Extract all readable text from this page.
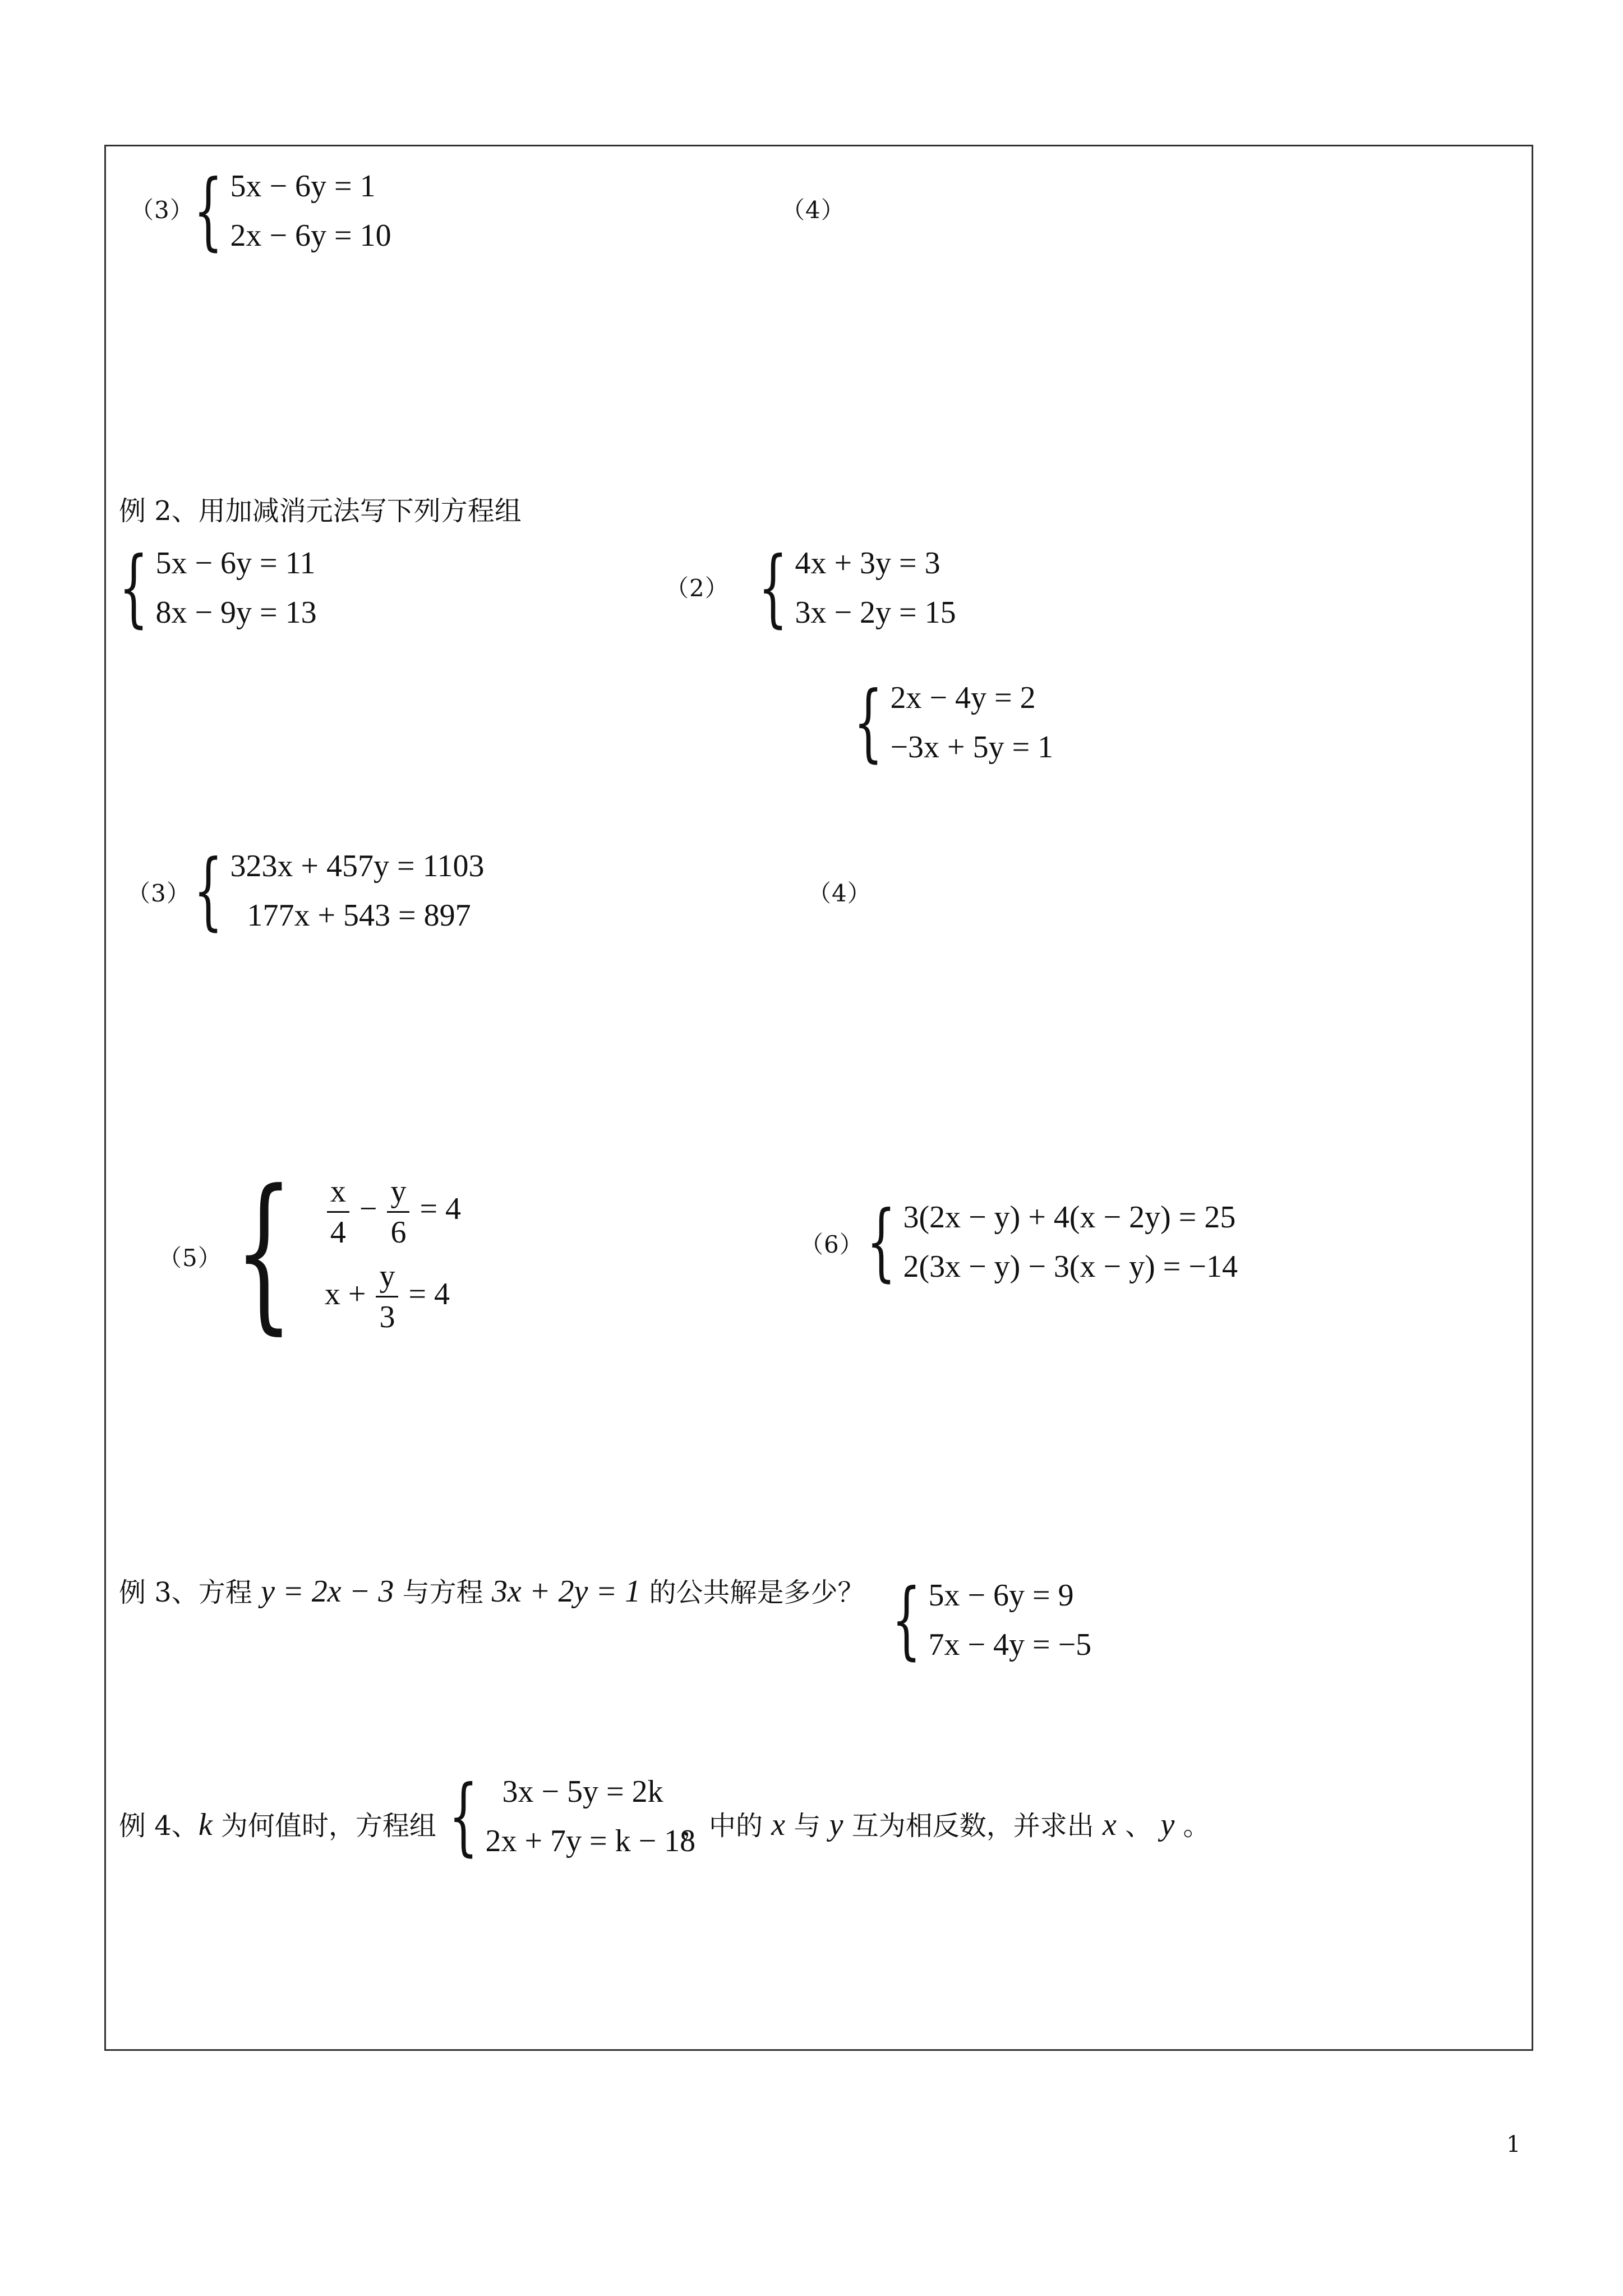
（3） { 5x − 6y = 1
2x − 6y = 10
（4）
例 2、用加减消元法写下列方程组
{ 5x − 6y = 11
8x − 9y = 13
（2） { 4x + 3y = 3
3x − 2y = 15
{ 2x − 4y = 2
−3x + 5y = 1
（3） { 323x + 457y = 1103
177x + 543 = 897
（4）
（5） { $\frac{x}{4} - \frac{y}{6} = 4$
$x + \frac{y}{3} = 4$
（6） { 3(2x − y) + 4(x − 2y) = 25
2(3x − y) − 3(x − y) = −14
例 3、方程 y = 2x − 3 与方程 3x + 2y = 1 的公共解是多少？ { 5x − 6y = 9
7x − 4y = −5
例 4、k 为何值时，方程组 { 3x − 5y = 2k
2x + 7y = k − 18
，中的 x 与 y 互为相反数，并求出 x 、 y 。
1
